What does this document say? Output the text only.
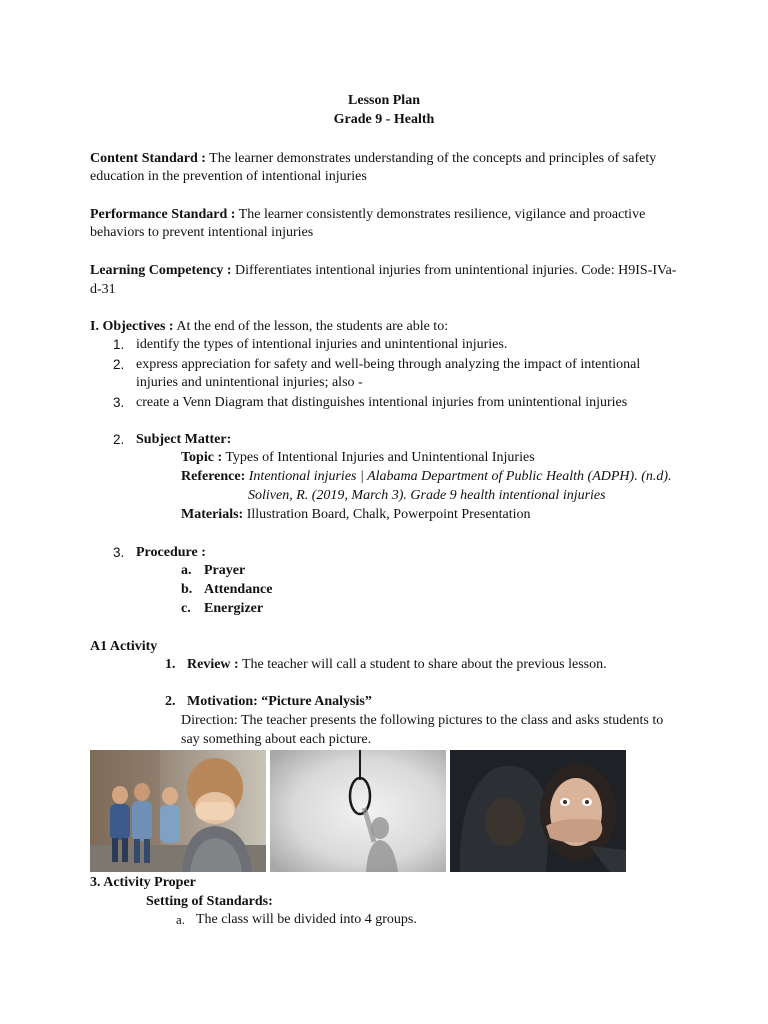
Lesson Plan
Grade 9 - Health
Content Standard : The learner demonstrates understanding of the concepts and principles of safety
education in the prevention of intentional injuries
Performance Standard : The learner consistently demonstrates resilience, vigilance and proactive
behaviors to prevent intentional injuries
Learning Competency : Differentiates intentional injuries from unintentional injuries. Code: H9IS-IVa-
d-31
I. Objectives : At the end of the lesson, the students are able to:
1. identify the types of intentional injuries and unintentional injuries.
2. express appreciation for safety and well-being through analyzing the impact of intentional
injuries and unintentional injuries; also -
3. create a Venn Diagram that distinguishes intentional injuries from unintentional injuries
2. Subject Matter:
Topic : Types of Intentional Injuries and Unintentional Injuries
Reference: Intentional injuries | Alabama Department of Public Health (ADPH). (n.d).
Soliven, R. (2019, March 3). Grade 9 health intentional injuries
Materials: Illustration Board, Chalk, Powerpoint Presentation
3. Procedure :
a. Prayer
b. Attendance
c. Energizer
A1 Activity
1. Review : The teacher will call a student to share about the previous lesson.
2. Motivation: “Picture Analysis”
Direction: The teacher presents the following pictures to the class and asks students to
say something about each picture.
3. Activity Proper
Setting of Standards:
a. The class will be divided into 4 groups.
